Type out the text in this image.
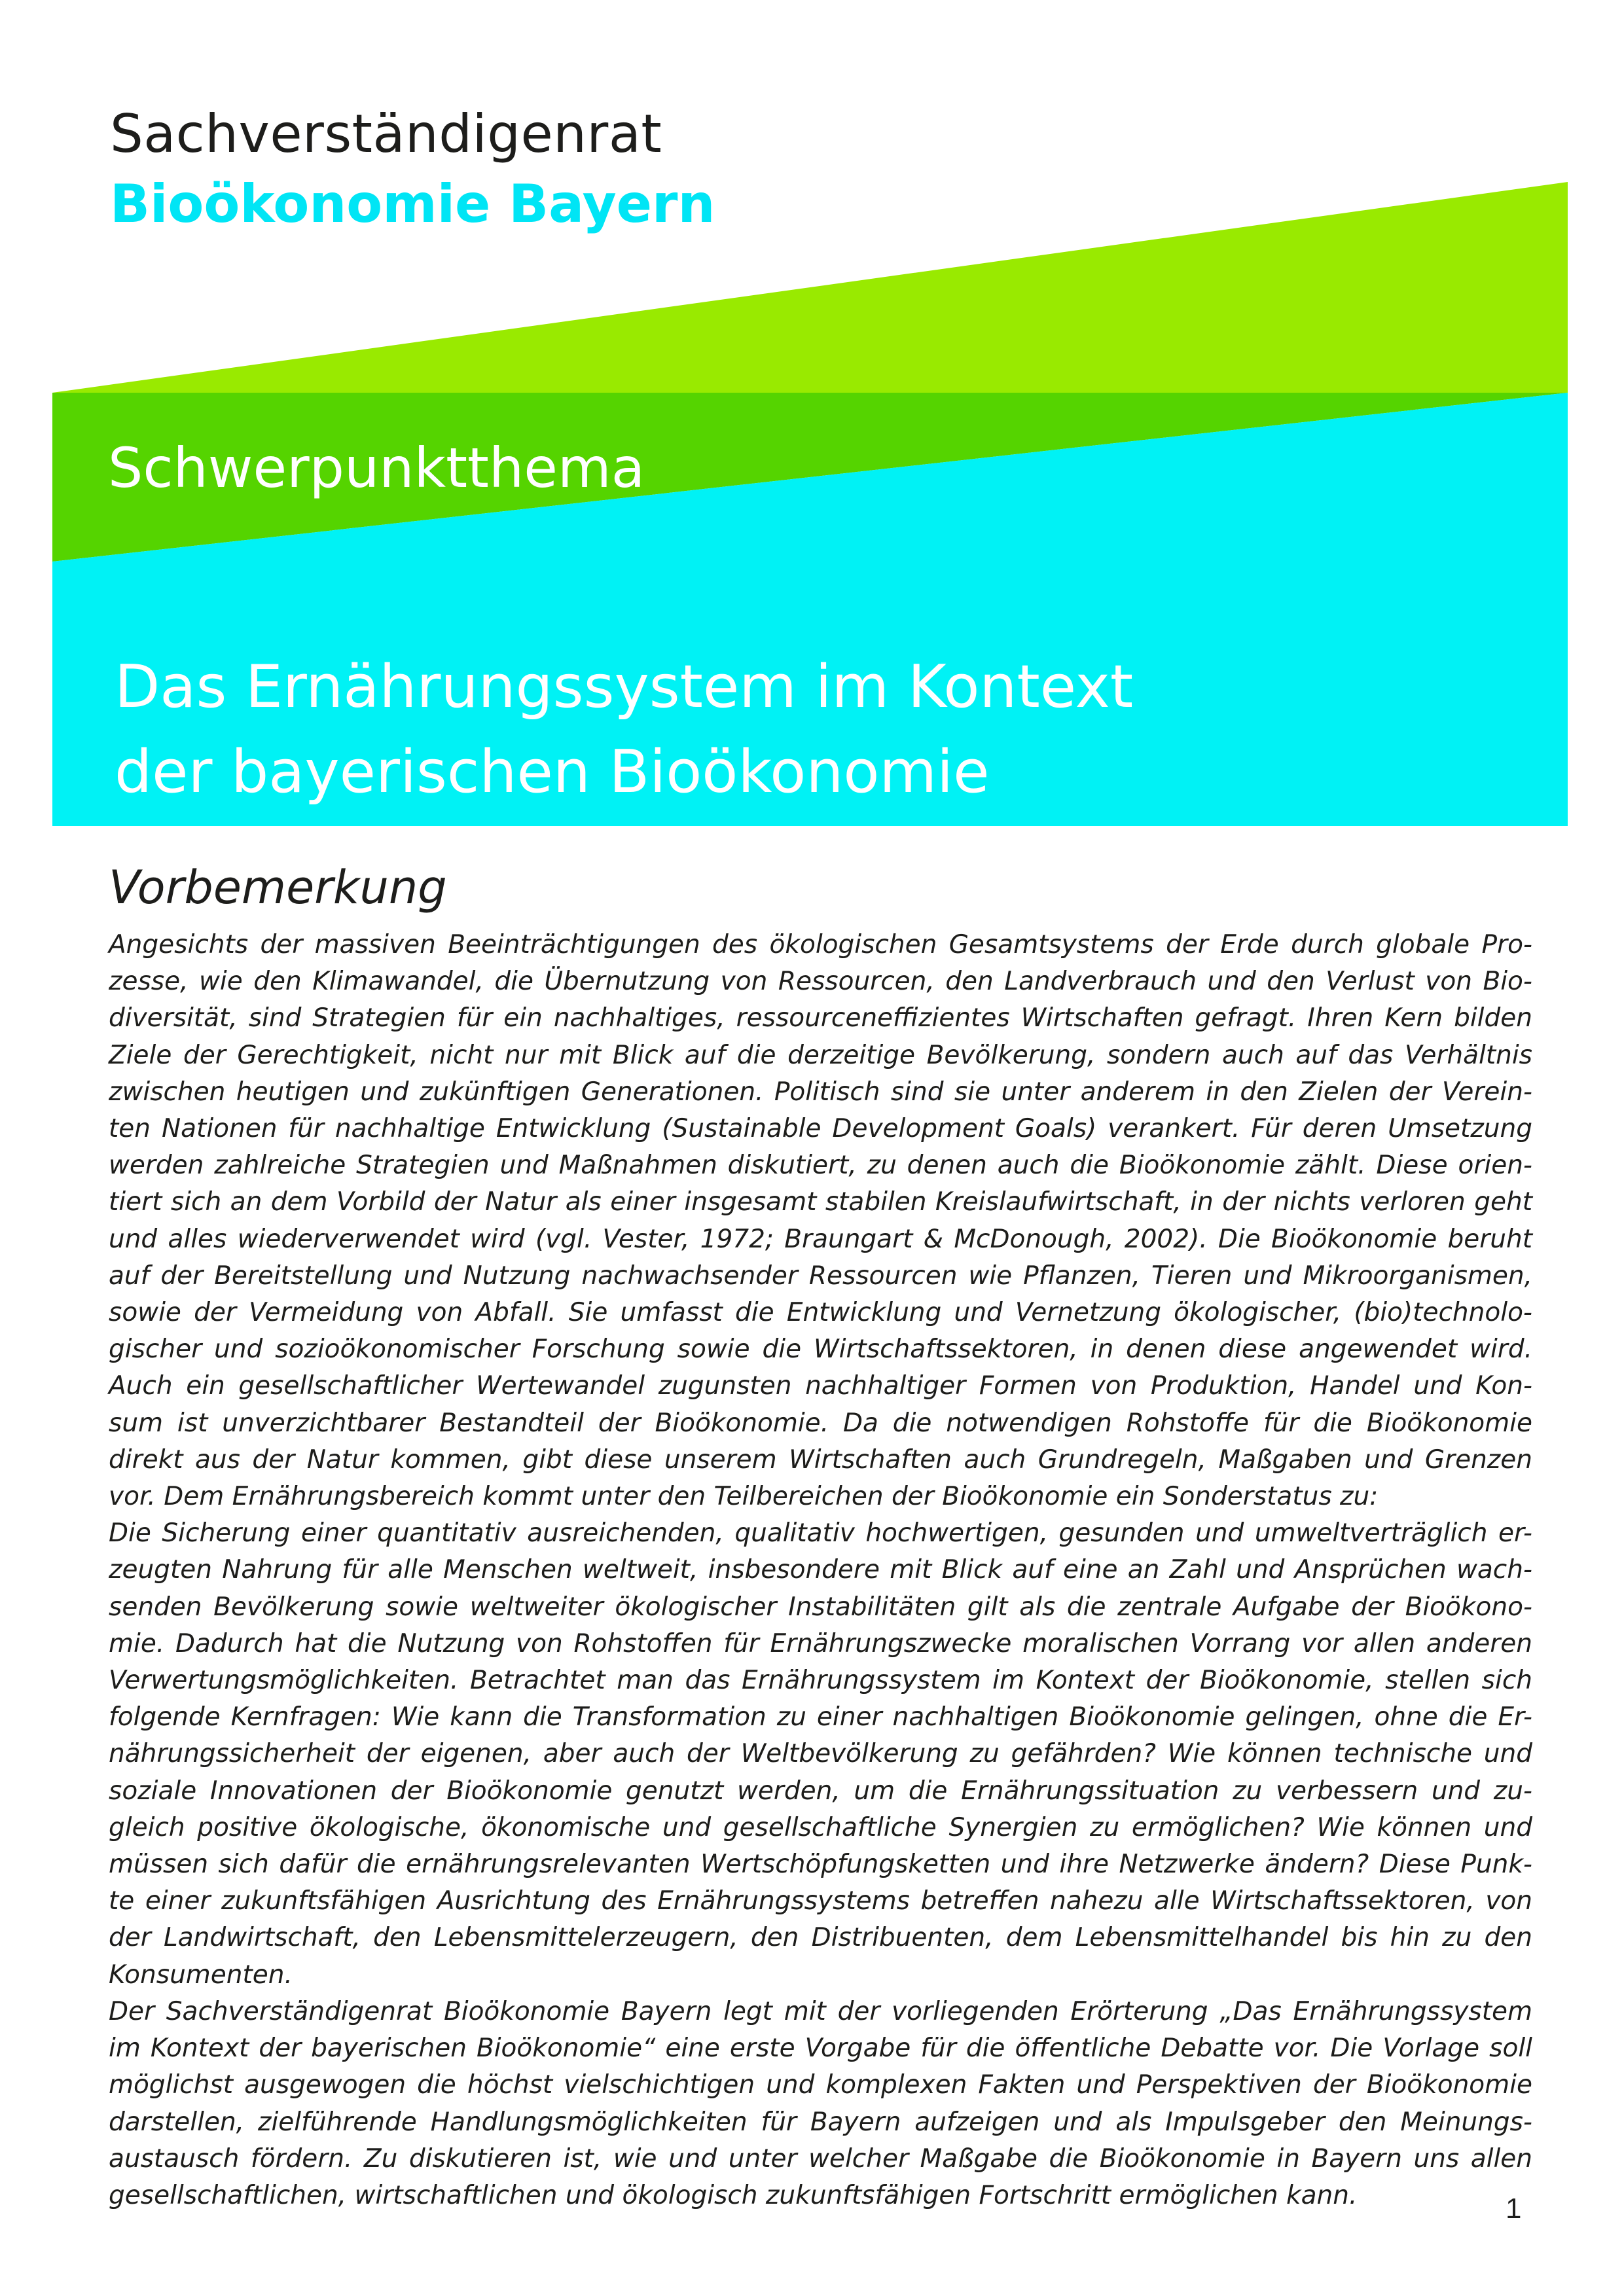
Sachverständigenrat
Bioökonomie Bayern
Schwerpunktthema
Das Ernährungssystem im Kontext
der bayerischen Bioökonomie
Vorbemerkung

Angesichts der massiven Beeinträchtigungen des ökologischen Gesamtsystems der Erde durch globale Pro- zesse, wie den Klimawandel, die Übernutzung von Ressourcen, den Landverbrauch und den Verlust von Bio- diversität, sind Strategien für ein nachhaltiges, ressourceneffizientes Wirtschaften gefragt. Ihren Kern bilden Ziele der Gerechtigkeit, nicht nur mit Blick auf die derzeitige Bevölkerung, sondern auch auf das Verhältnis zwischen heutigen und zukünftigen Generationen. Politisch sind sie unter anderem in den Zielen der Verein- ten Nationen für nachhaltige Entwicklung (Sustainable Development Goals) verankert. Für deren Umsetzung werden zahlreiche Strategien und Maßnahmen diskutiert, zu denen auch die Bioökonomie zählt. Diese orien- tiert sich an dem Vorbild der Natur als einer insgesamt stabilen Kreislaufwirtschaft, in der nichts verloren geht und alles wiederverwendet wird (vgl. Vester, 1972; Braungart & McDonough, 2002). Die Bioökonomie beruht auf der Bereitstellung und Nutzung nachwachsender Ressourcen wie Pflanzen, Tieren und Mikroorganismen, sowie der Vermeidung von Abfall. Sie umfasst die Entwicklung und Vernetzung ökologischer, (bio)technolo- gischer und sozioökonomischer Forschung sowie die Wirtschaftssektoren, in denen diese angewendet wird. Auch ein gesellschaftlicher Wertewandel zugunsten nachhaltiger Formen von Produktion, Handel und Kon- sum ist unverzichtbarer Bestandteil der Bioökonomie. Da die notwendigen Rohstoffe für die Bioökonomie direkt aus der Natur kommen, gibt diese unserem Wirtschaften auch Grundregeln, Maßgaben und Grenzen vor. Dem Ernährungsbereich kommt unter den Teilbereichen der Bioökonomie ein Sonderstatus zu:

Die Sicherung einer quantitativ ausreichenden, qualitativ hochwertigen, gesunden und umweltverträglich er- zeugten Nahrung für alle Menschen weltweit, insbesondere mit Blick auf eine an Zahl und Ansprüchen wach- senden Bevölkerung sowie weltweiter ökologischer Instabilitäten gilt als die zentrale Aufgabe der Bioökono- mie. Dadurch hat die Nutzung von Rohstoffen für Ernährungszwecke moralischen Vorrang vor allen anderen Verwertungsmöglichkeiten. Betrachtet man das Ernährungssystem im Kontext der Bioökonomie, stellen sich folgende Kernfragen: Wie kann die Transformation zu einer nachhaltigen Bioökonomie gelingen, ohne die Er- nährungssicherheit der eigenen, aber auch der Weltbevölkerung zu gefährden? Wie können technische und soziale Innovationen der Bioökonomie genutzt werden, um die Ernährungssituation zu verbessern und zu- gleich positive ökologische, ökonomische und gesellschaftliche Synergien zu ermöglichen? Wie können und müssen sich dafür die ernährungsrelevanten Wertschöpfungsketten und ihre Netzwerke ändern? Diese Punk- te einer zukunftsfähigen Ausrichtung des Ernährungssystems betreffen nahezu alle Wirtschaftssektoren, von der Landwirtschaft, den Lebensmittelerzeugern, den Distribuenten, dem Lebensmittelhandel bis hin zu den Konsumenten.

Der Sachverständigenrat Bioökonomie Bayern legt mit der vorliegenden Erörterung „Das Ernährungssystem im Kontext der bayerischen Bioökonomie“ eine erste Vorgabe für die öffentliche Debatte vor. Die Vorlage soll möglichst ausgewogen die höchst vielschichtigen und komplexen Fakten und Perspektiven der Bioökonomie darstellen, zielführende Handlungsmöglichkeiten für Bayern aufzeigen und als Impulsgeber den Meinungs- austausch fördern. Zu diskutieren ist, wie und unter welcher Maßgabe die Bioökonomie in Bayern uns allen gesellschaftlichen, wirtschaftlichen und ökologisch zukunftsfähigen Fortschritt ermöglichen kann.	1
